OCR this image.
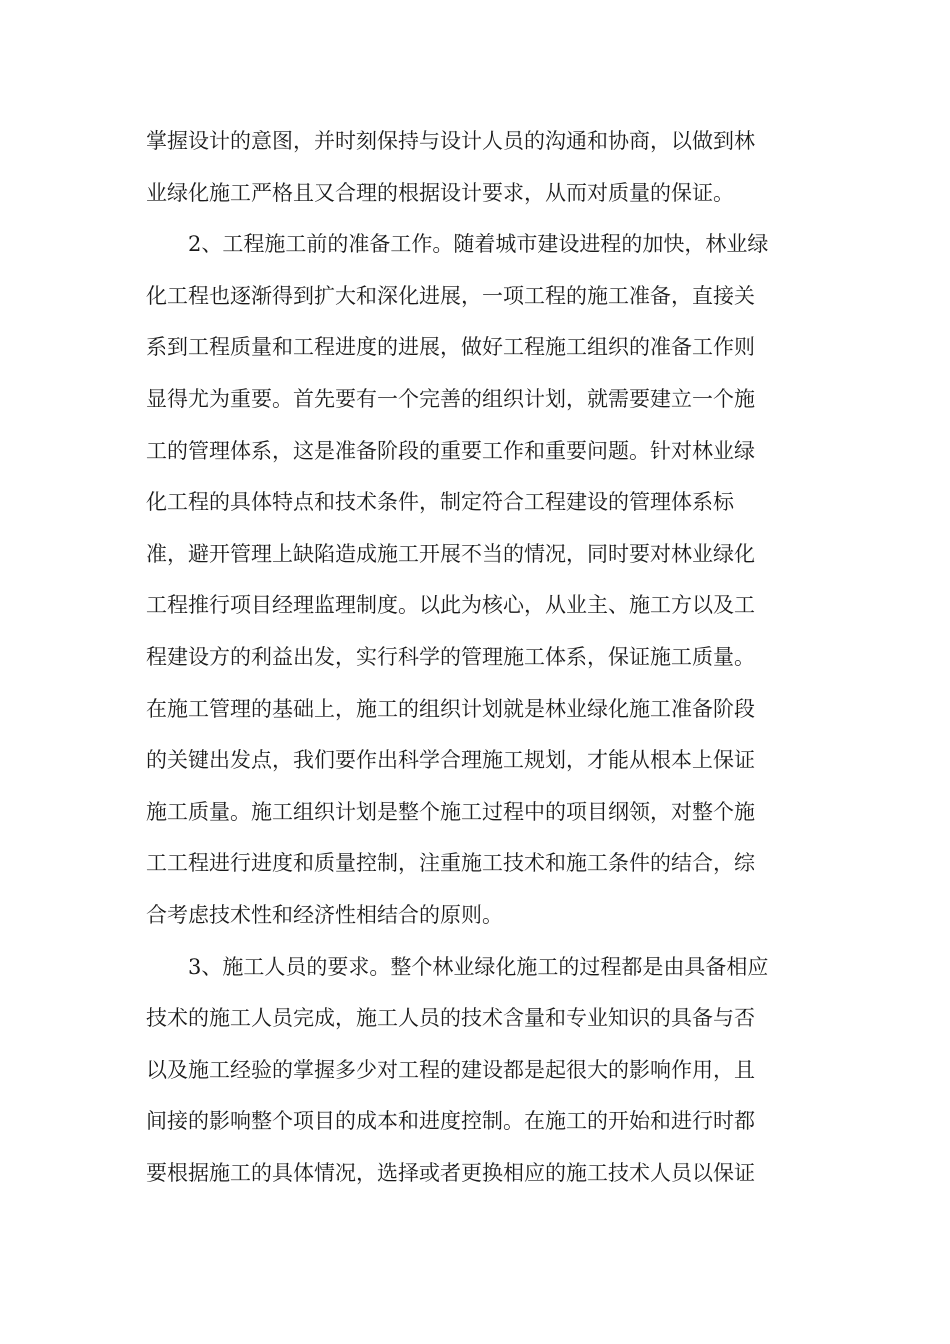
掌握设计的意图，并时刻保持与设计人员的沟通和协商，以做到林
业绿化施工严格且又合理的根据设计要求，从而对质量的保证。
2、工程施工前的准备工作。随着城市建设进程的加快，林业绿
化工程也逐渐得到扩大和深化进展，一项工程的施工准备，直接关
系到工程质量和工程进度的进展，做好工程施工组织的准备工作则
显得尤为重要。首先要有一个完善的组织计划，就需要建立一个施
工的管理体系，这是准备阶段的重要工作和重要问题。针对林业绿
化工程的具体特点和技术条件，制定符合工程建设的管理体系标
准，避开管理上缺陷造成施工开展不当的情况，同时要对林业绿化
工程推行项目经理监理制度。以此为核心，从业主、施工方以及工
程建设方的利益出发，实行科学的管理施工体系，保证施工质量。
在施工管理的基础上，施工的组织计划就是林业绿化施工准备阶段
的关键出发点，我们要作出科学合理施工规划，才能从根本上保证
施工质量。施工组织计划是整个施工过程中的项目纲领，对整个施
工工程进行进度和质量控制，注重施工技术和施工条件的结合，综
合考虑技术性和经济性相结合的原则。
3、施工人员的要求。整个林业绿化施工的过程都是由具备相应
技术的施工人员完成，施工人员的技术含量和专业知识的具备与否
以及施工经验的掌握多少对工程的建设都是起很大的影响作用，且
间接的影响整个项目的成本和进度控制。在施工的开始和进行时都
要根据施工的具体情况，选择或者更换相应的施工技术人员以保证
